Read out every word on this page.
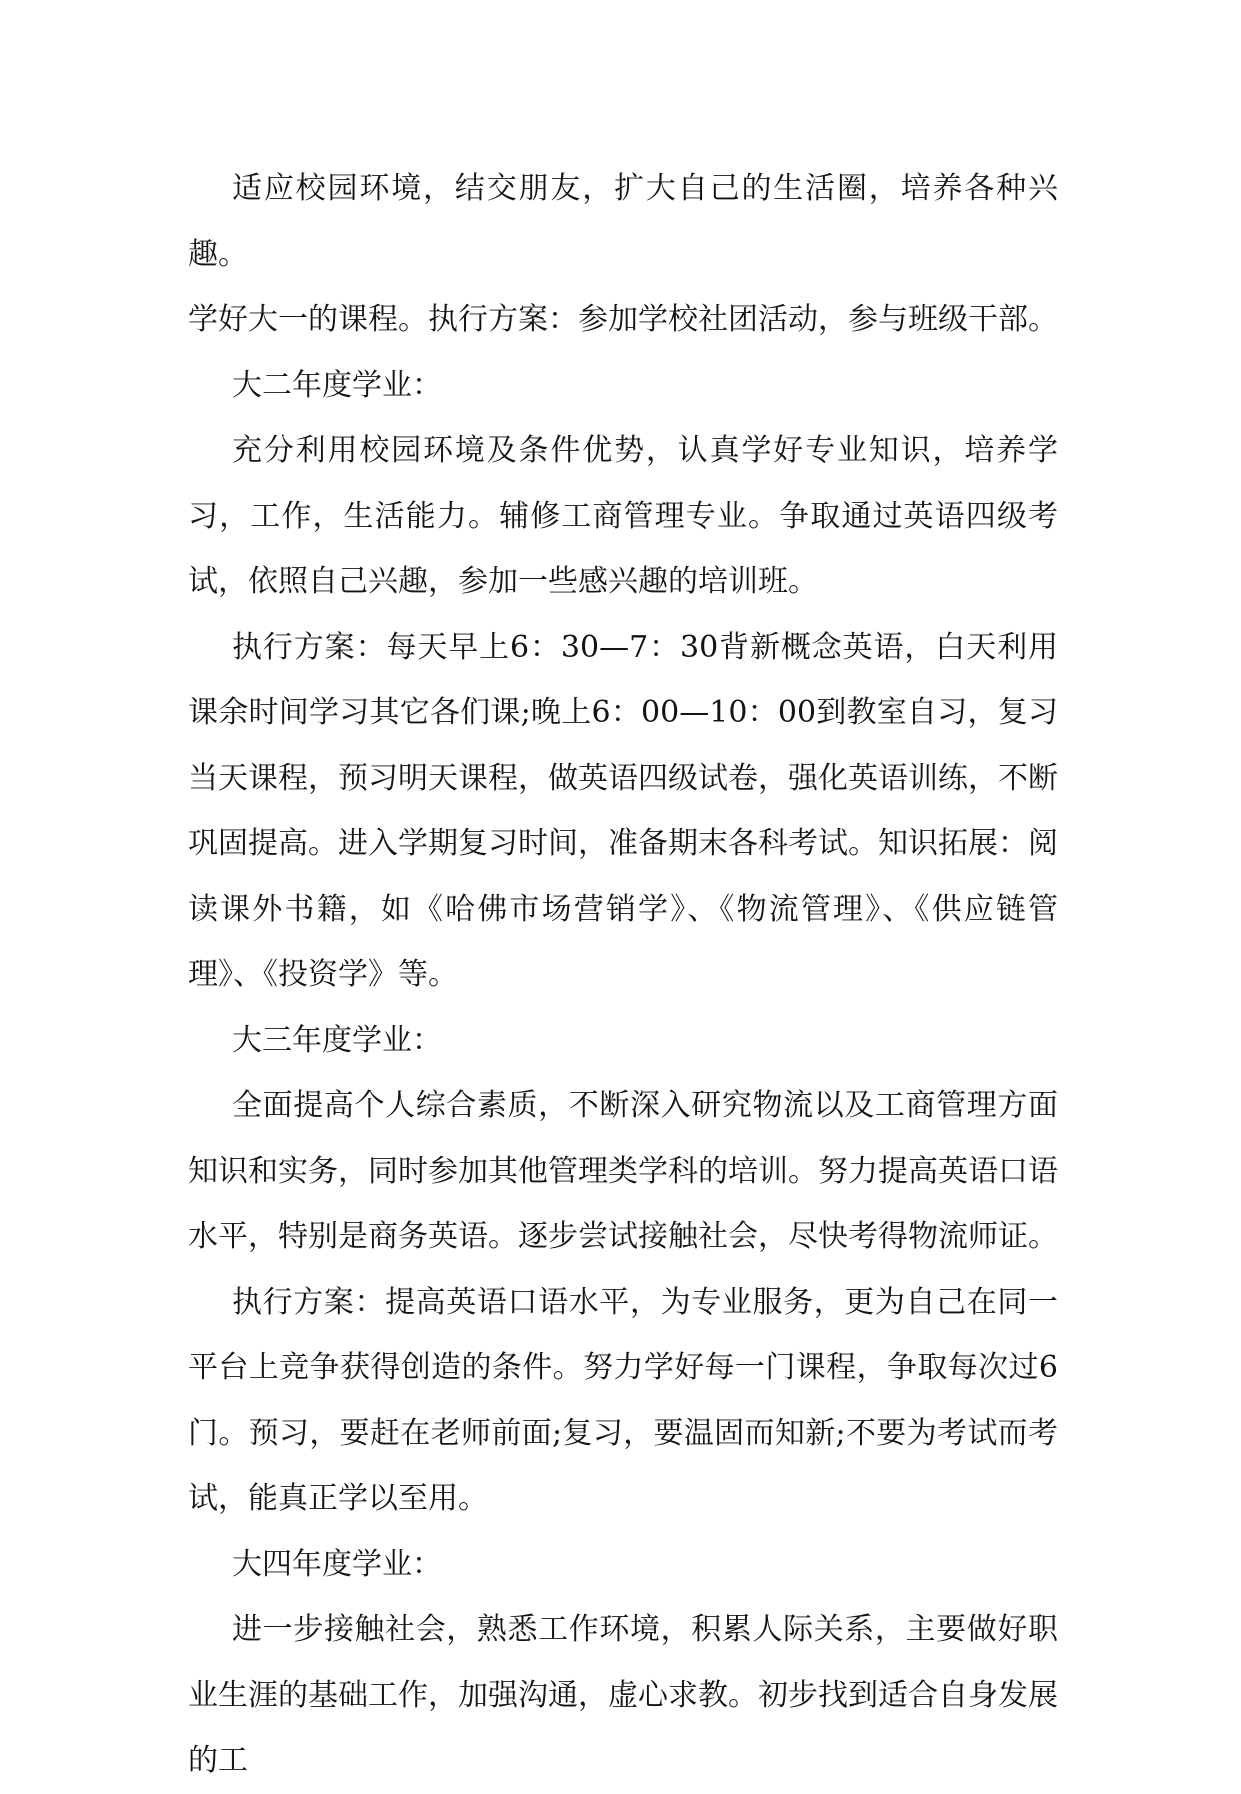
适应校园环境，结交朋友，扩大自己的生活圈，培养各种兴趣。

学好大一的课程。执行方案：参加学校社团活动，参与班级干部。

大二年度学业：

充分利用校园环境及条件优势，认真学好专业知识，培养学习，工作，生活能力。辅修工商管理专业。争取通过英语四级考试，依照自己兴趣，参加一些感兴趣的培训班。

执行方案：每天早上6：30—7：30背新概念英语，白天利用课余时间学习其它各们课;晚上6：00—10：00到教室自习，复习当天课程，预习明天课程，做英语四级试卷，强化英语训练，不断巩固提高。进入学期复习时间，准备期末各科考试。知识拓展：阅读课外书籍，如《哈佛市场营销学》、《物流管理》、《供应链管理》、《投资学》等。

大三年度学业：

全面提高个人综合素质，不断深入研究物流以及工商管理方面知识和实务，同时参加其他管理类学科的培训。努力提高英语口语水平，特别是商务英语。逐步尝试接触社会，尽快考得物流师证。

执行方案：提高英语口语水平，为专业服务，更为自己在同一平台上竞争获得创造的条件。努力学好每一门课程，争取每次过6门。预习，要赶在老师前面;复习，要温固而知新;不要为考试而考试，能真正学以至用。

大四年度学业：

进一步接触社会，熟悉工作环境，积累人际关系，主要做好职业生涯的基础工作，加强沟通，虚心求教。初步找到适合自身发展的工
